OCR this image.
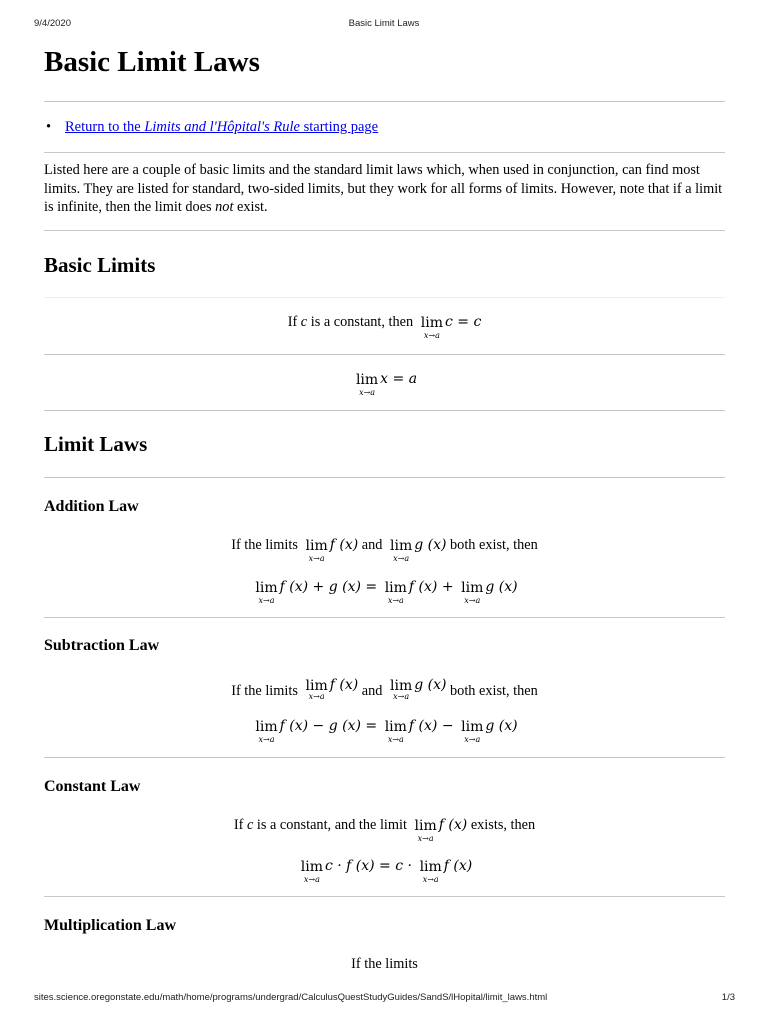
9/4/2020	Basic Limit Laws
Basic Limit Laws
• Return to the Limits and l'Hôpital's Rule starting page

Listed here are a couple of basic limits and the standard limit laws which, when used in conjunction, can find most limits. They are listed for standard, two-sided limits, but they work for all forms of limits. However, note that if a limit is infinite, then the limit does not exist.

Basic Limits
If c is a constant, then lim
x→a
c = c
lim
x→a
x = a
Limit Laws
Addition Law
If the limits lim
x→a
f (x) and lim
x→a
g (x) both exist, then
lim
x→a
f (x) + g (x) = lim
x→a
f (x) + lim
x→a
g (x)
Subtraction Law
If the limits lim
x→a
f (x) and lim
x→a
g (x) both exist, then
lim
x→a
f (x) − g (x) = lim
x→a
f (x) − lim
x→a
g (x)
Constant Law
If c is a constant, and the limit lim
x→a
f (x) exists, then
lim
x→a
c · f (x) = c · lim
x→a
f (x)
Multiplication Law
If the limits
sites.science.oregonstate.edu/math/home/programs/undergrad/CalculusQuestStudyGuides/SandS/lHopital/limit_laws.html	1/3
